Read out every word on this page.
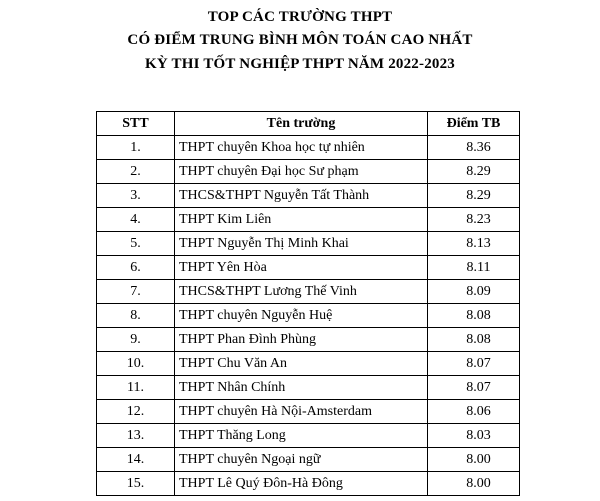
TOP CÁC TRƯỜNG THPT
CÓ ĐIỂM TRUNG BÌNH MÔN TOÁN CAO NHẤT
KỲ THI TỐT NGHIỆP THPT NĂM 2022-2023
STT	Tên trường	Điểm TB
1.	THPT chuyên Khoa học tự nhiên	8.36
2.	THPT chuyên Đại học Sư phạm	8.29
3.	THCS&THPT Nguyễn Tất Thành	8.29
4.	THPT Kim Liên	8.23
5.	THPT Nguyễn Thị Minh Khai	8.13
6.	THPT Yên Hòa	8.11
7.	THCS&THPT Lương Thế Vinh	8.09
8.	THPT chuyên Nguyễn Huệ	8.08
9.	THPT Phan Đình Phùng	8.08
10.	THPT Chu Văn An	8.07
11.	THPT Nhân Chính	8.07
12.	THPT chuyên Hà Nội-Amsterdam	8.06
13.	THPT Thăng Long	8.03
14.	THPT chuyên Ngoại ngữ	8.00
15.	THPT Lê Quý Đôn-Hà Đông	8.00
